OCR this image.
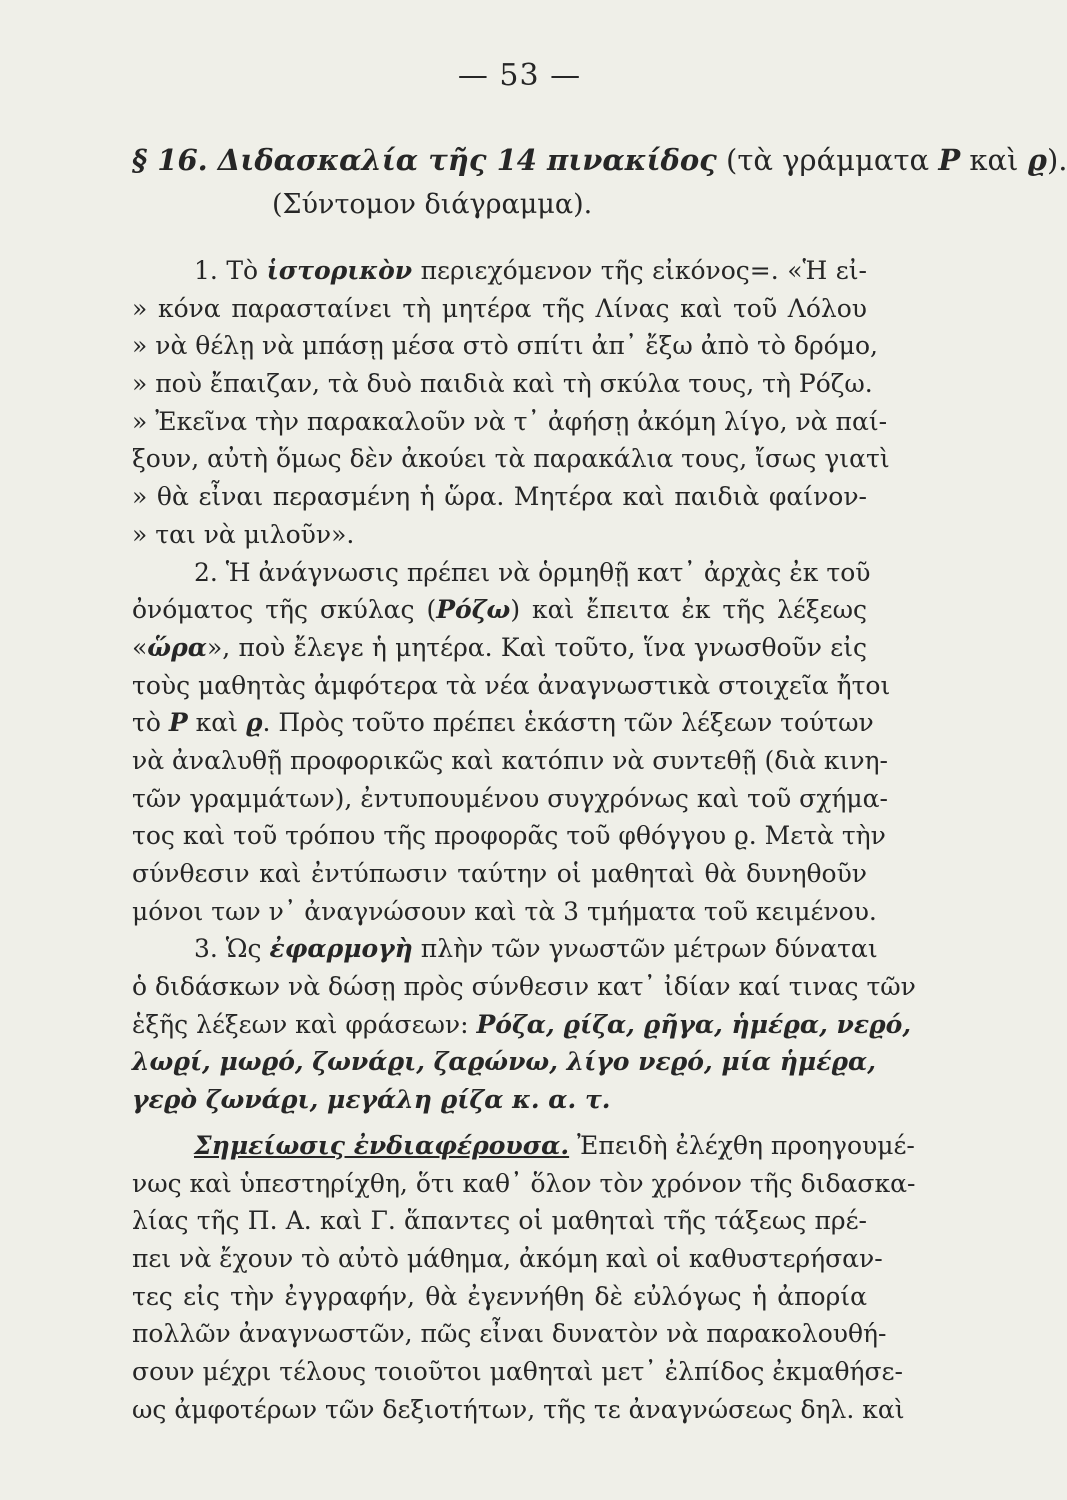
— 53 —
§ 16. Διδασκαλία τῆς 14 πινακίδος (τὰ γράμματα P καὶ ϱ).
(Σύντομον διάγραμμα).
1. Τὸ ἱστορικὸν περιεχόμενον τῆς εἰκόνος=. «Ἡ εἰ-
» κόνα παρασταίνει τὴ μητέρα τῆς Λίνας καὶ τοῦ Λόλου
» νὰ θέλῃ νὰ μπάσῃ μέσα στὸ σπίτι ἀπ᾽ ἔξω ἀπὸ τὸ δρόμο,
» ποὺ ἔπαιζαν, τὰ δυὸ παιδιὰ καὶ τὴ σκύλα τους, τὴ Ρόζω.
» Ἐκεῖνα τὴν παρακαλοῦν νὰ τ᾽ ἀφήσῃ ἀκόμη λίγο, νὰ παί-
ξουν, αὐτὴ ὅμως δὲν ἀκούει τὰ παρακάλια τους, ἴσως γιατὶ
» θὰ εἶναι περασμένη ἡ ὥρα. Μητέρα καὶ παιδιὰ φαίνον-
» ται νὰ μιλοῦν».
2. Ἡ ἀνάγνωσις πρέπει νὰ ὁρμηθῇ κατ᾽ ἀρχὰς ἐκ τοῦ
ὀνόματος τῆς σκύλας (Ρόζω) καὶ ἔπειτα ἐκ τῆς λέξεως
«ὥρα», ποὺ ἔλεγε ἡ μητέρα. Καὶ τοῦτο, ἵνα γνωσθοῦν εἰς
τοὺς μαθητὰς ἀμφότερα τὰ νέα ἀναγνωστικὰ στοιχεῖα ἤτοι
τὸ P καὶ ϱ. Πρὸς τοῦτο πρέπει ἑκάστη τῶν λέξεων τούτων
νὰ ἀναλυθῇ προφορικῶς καὶ κατόπιν νὰ συντεθῇ (διὰ κινη-
τῶν γραμμάτων), ἐντυπουμένου συγχρόνως καὶ τοῦ σχήμα-
τος καὶ τοῦ τρόπου τῆς προφορᾶς τοῦ φθόγγου ϱ. Μετὰ τὴν
σύνθεσιν καὶ ἐντύπωσιν ταύτην οἱ μαθηταὶ θὰ δυνηθοῦν
μόνοι των ν᾽ ἀναγνώσουν καὶ τὰ 3 τμήματα τοῦ κειμένου.
3. Ὡς ἐφαρμογὴ πλὴν τῶν γνωστῶν μέτρων δύναται
ὁ διδάσκων νὰ δώσῃ πρὸς σύνθεσιν κατ᾽ ἰδίαν καί τινας τῶν
ἑξῆς λέξεων καὶ φράσεων: Ρόζα, ϱίζα, ϱῆγα, ἡμέϱα, νεϱό,
λωϱί, μωϱό, ζωνάϱι, ζαϱώνω, λίγο νεϱό, μία ἡμέϱα,
γεϱὸ ζωνάϱι, μεγάλη ϱίζα κ. α. τ.
Σημείωσις ἐνδιαφέρουσα. Ἐπειδὴ ἐλέχθη προηγουμέ-
νως καὶ ὑπεστηρίχθη, ὅτι καθ᾽ ὅλον τὸν χρόνον τῆς διδασκα-
λίας τῆς Π. Α. καὶ Γ. ἅπαντες οἱ μαθηταὶ τῆς τάξεως πρέ-
πει νὰ ἔχουν τὸ αὐτὸ μάθημα, ἀκόμη καὶ οἱ καθυστερήσαν-
τες εἰς τὴν ἐγγραφήν, θὰ ἐγεννήθη δὲ εὐλόγως ἡ ἀπορία
πολλῶν ἀναγνωστῶν, πῶς εἶναι δυνατὸν νὰ παρακολουθή-
σουν μέχρι τέλους τοιοῦτοι μαθηταὶ μετ᾽ ἐλπίδος ἐκμαθήσε-
ως ἀμφοτέρων τῶν δεξιοτήτων, τῆς τε ἀναγνώσεως δηλ. καὶ
